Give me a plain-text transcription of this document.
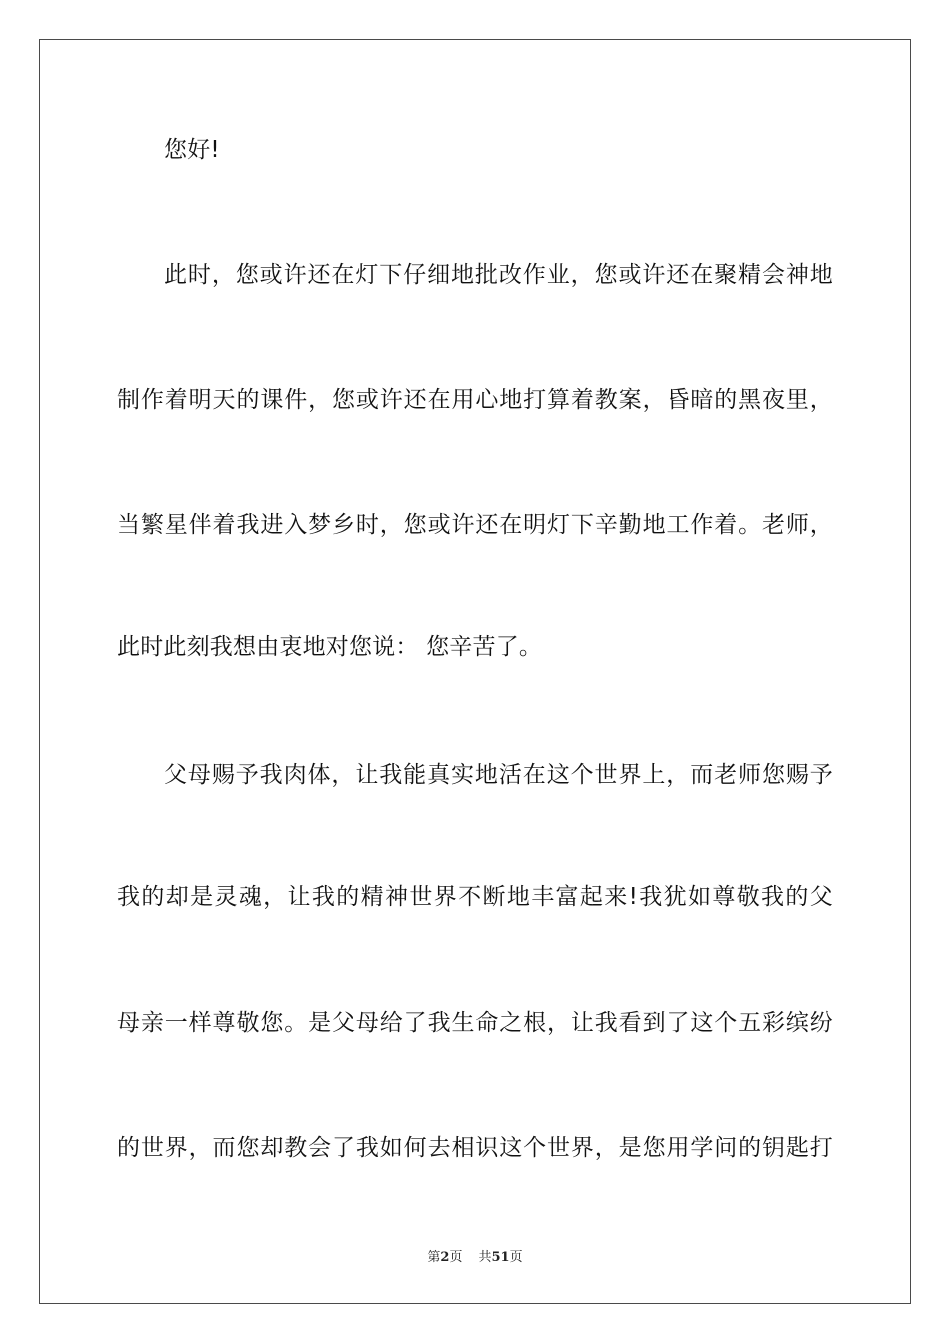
您好!
此时，您或许还在灯下仔细地批改作业，您或许还在聚精会神地
制作着明天的课件，您或许还在用心地打算着教案，昏暗的黑夜里，
当繁星伴着我进入梦乡时，您或许还在明灯下辛勤地工作着。老师，
此时此刻我想由衷地对您说： 您辛苦了。
父母赐予我肉体，让我能真实地活在这个世界上，而老师您赐予
我的却是灵魂，让我的精神世界不断地丰富起来!我犹如尊敬我的父
母亲一样尊敬您。是父母给了我生命之根，让我看到了这个五彩缤纷
的世界，而您却教会了我如何去相识这个世界，是您用学问的钥匙打
第2页 共51页
